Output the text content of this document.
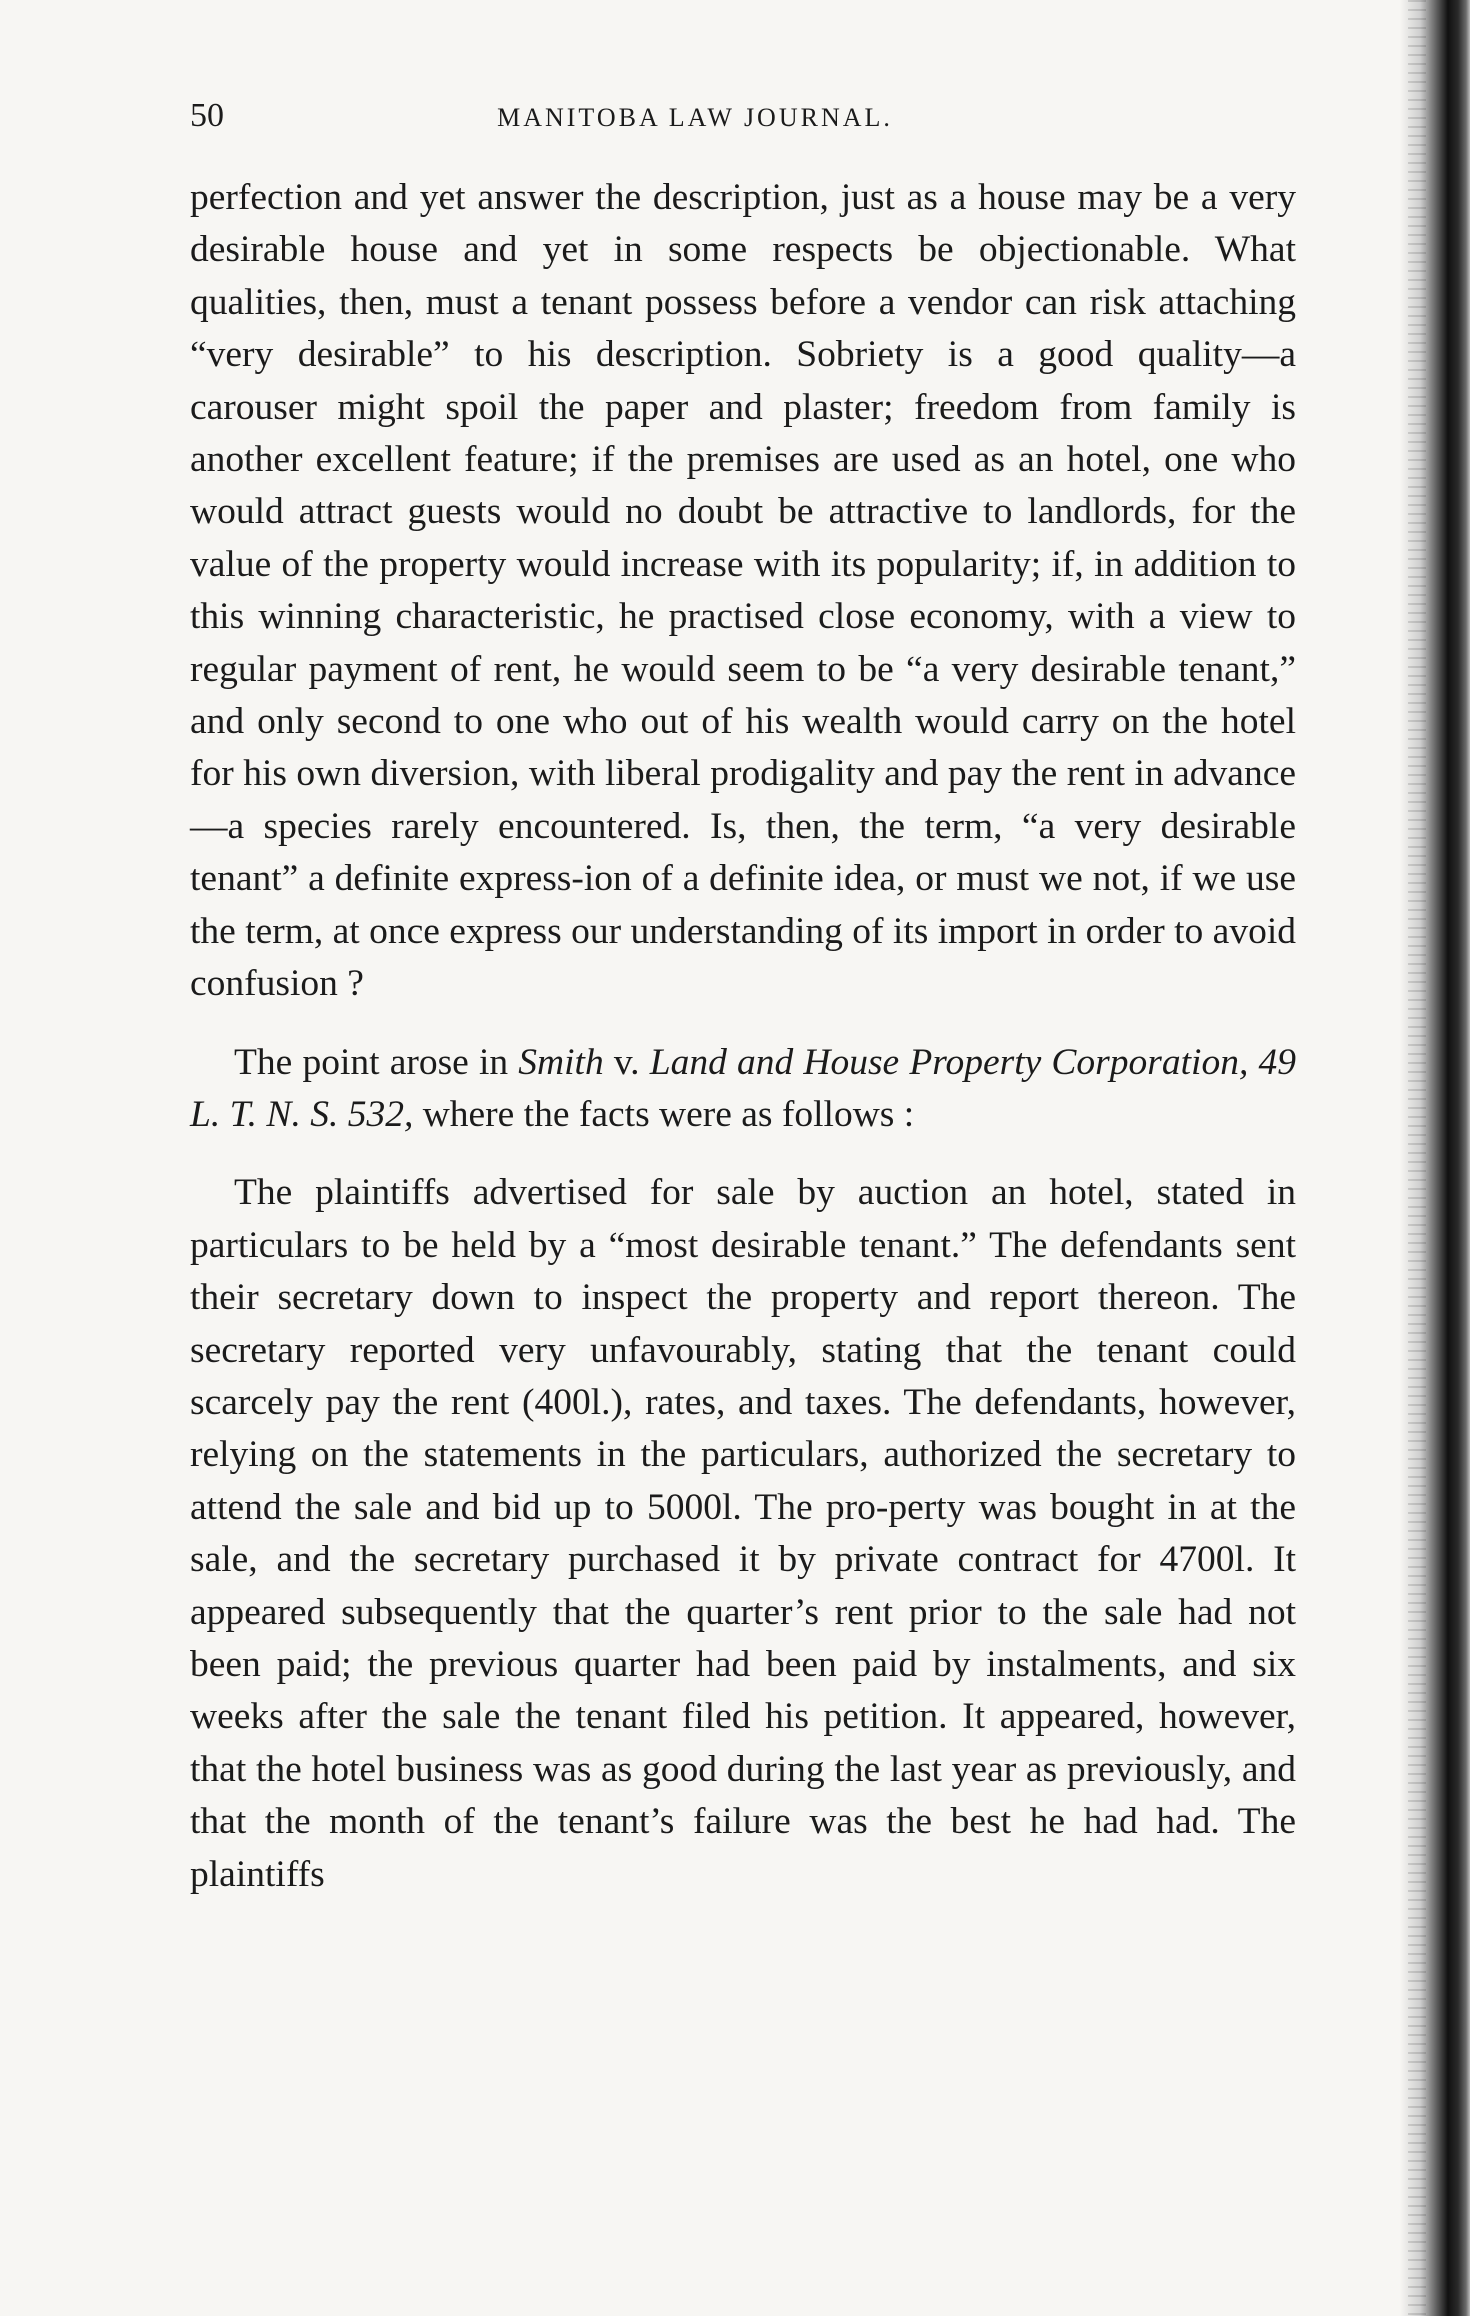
50	MANITOBA LAW JOURNAL.

perfection and yet answer the description, just as a house may be a very desirable house and yet in some respects be objectionable. What qualities, then, must a tenant possess before a vendor can risk attaching “very desirable” to his description. Sobriety is a good quality—a carouser might spoil the paper and plaster; freedom from family is another excellent feature; if the premises are used as an hotel, one who would attract guests would no doubt be attractive to landlords, for the value of the property would increase with its popularity; if, in addition to this winning characteristic, he practised close economy, with a view to regular payment of rent, he would seem to be “a very desirable tenant,” and only second to one who out of his wealth would carry on the hotel for his own diversion, with liberal prodigality and pay the rent in advance—a species rarely encountered. Is, then, the term, “a very desirable tenant” a definite express-ion of a definite idea, or must we not, if we use the term, at once express our understanding of its import in order to avoid confusion ?

The point arose in Smith v. Land and House Property Corporation, 49 L. T. N. S. 532, where the facts were as follows :

The plaintiffs advertised for sale by auction an hotel, stated in particulars to be held by a “most desirable tenant.” The defendants sent their secretary down to inspect the property and report thereon. The secretary reported very unfavourably, stating that the tenant could scarcely pay the rent (400l.), rates, and taxes. The defendants, however, relying on the statements in the particulars, authorized the secretary to attend the sale and bid up to 5000l. The pro-perty was bought in at the sale, and the secretary purchased it by private contract for 4700l. It appeared subsequently that the quarter’s rent prior to the sale had not been paid; the previous quarter had been paid by instalments, and six weeks after the sale the tenant filed his petition. It appeared, however, that the hotel business was as good during the last year as previously, and that the month of the tenant’s failure was the best he had had. The plaintiffs
